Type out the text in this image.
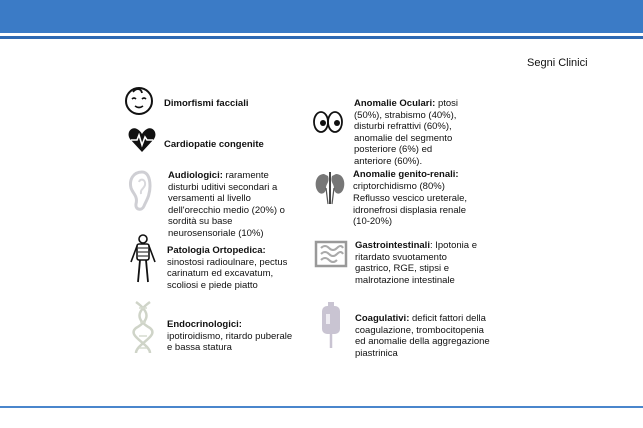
Segni Clinici
Dimorfismi facciali
Cardiopatie congenite
Audiologici: raramente disturbi uditivi secondari a versamenti al livello dell'orecchio medio (20%) o sordità su base neurosensoriale (10%)
Patologia Ortopedica: sinostosi radioulnare, pectus carinatum ed excavatum, scoliosi e piede piatto
Endocrinologici: ipotiroidismo, ritardo puberale e bassa statura
Anomalie Oculari: ptosi (50%), strabismo (40%), disturbi refrattivi (60%), anomalie del segmento posteriore (6%) ed anteriore (60%).
Anomalie genito-renali: criptorchidismo (80%)
Reflusso vescico ureterale, idronefrosi displasia renale (10-20%)
Gastrointestinali: Ipotonia e ritardato svuotamento gastrico, RGE, stipsi e malrotazione intestinale
Coagulativi: deficit fattori della coagulazione, trombocitopenia ed anomalie della aggregazione piastrinica
